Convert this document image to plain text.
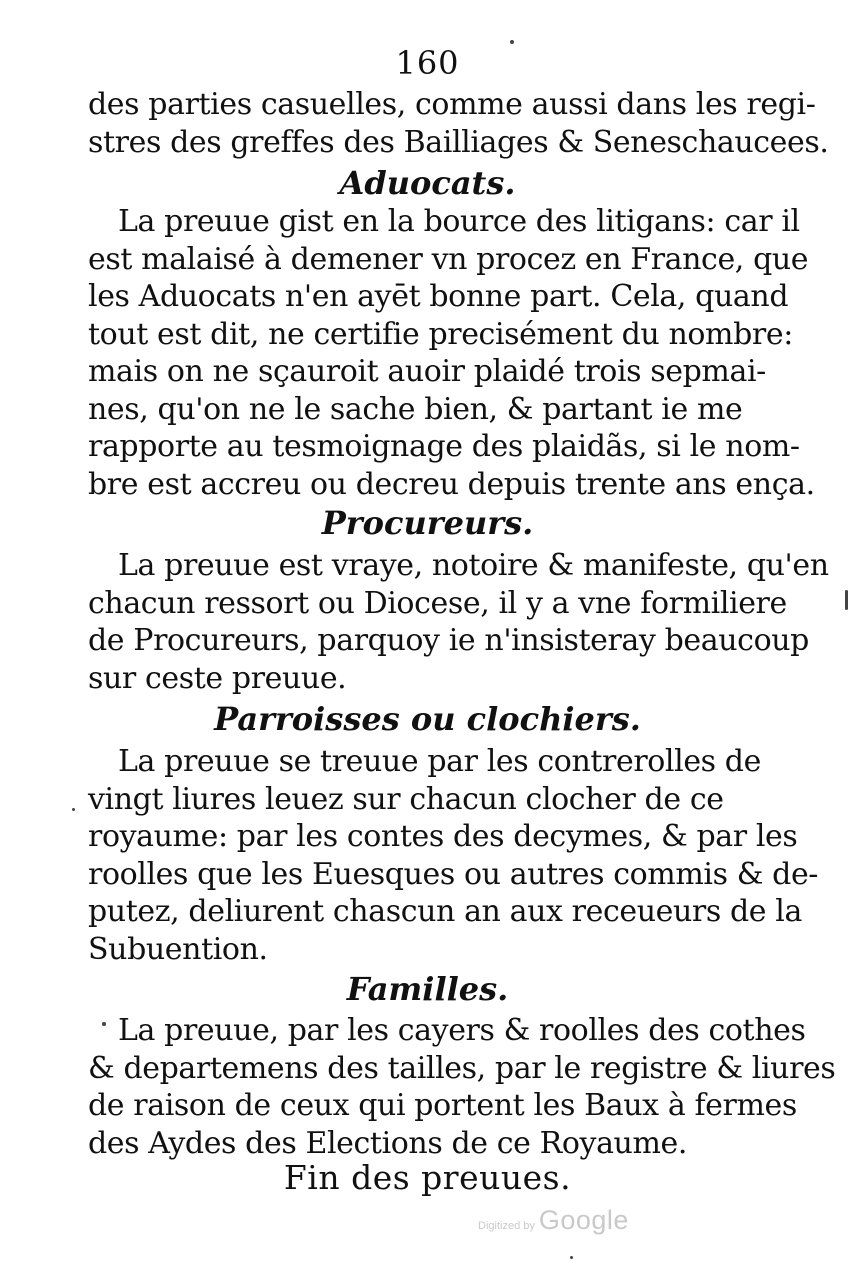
160
des parties casuelles, comme aussi dans les regi-
stres des greffes des Bailliages & Seneschaucees.
Aduocats.
La preuue gist en la bource des litigans: car il
est malaisé à demener vn procez en France, que
les Aduocats n'en ayēt bonne part. Cela, quand
tout est dit, ne certifie precisément du nombre:
mais on ne sçauroit auoir plaidé trois sepmai-
nes, qu'on ne le sache bien, & partant ie me
rapporte au tesmoignage des plaidãs, si le nom-
bre est accreu ou decreu depuis trente ans ença.
Procureurs.
La preuue est vraye, notoire & manifeste, qu'en
chacun ressort ou Diocese, il y a vne formiliere
de Procureurs, parquoy ie n'insisteray beaucoup
sur ceste preuue.
Parroisses ou clochiers.
La preuue se treuue par les contrerolles de
vingt liures leuez sur chacun clocher de ce
royaume: par les contes des decymes, & par les
roolles que les Euesques ou autres commis & de-
putez, deliurent chascun an aux receueurs de la
Subuention.
Familles.
La preuue, par les cayers & roolles des cothes
& departemens des tailles, par le registre & liures
de raison de ceux qui portent les Baux à fermes
des Aydes des Elections de ce Royaume.
Fin des preuues.
Digitized by Google
